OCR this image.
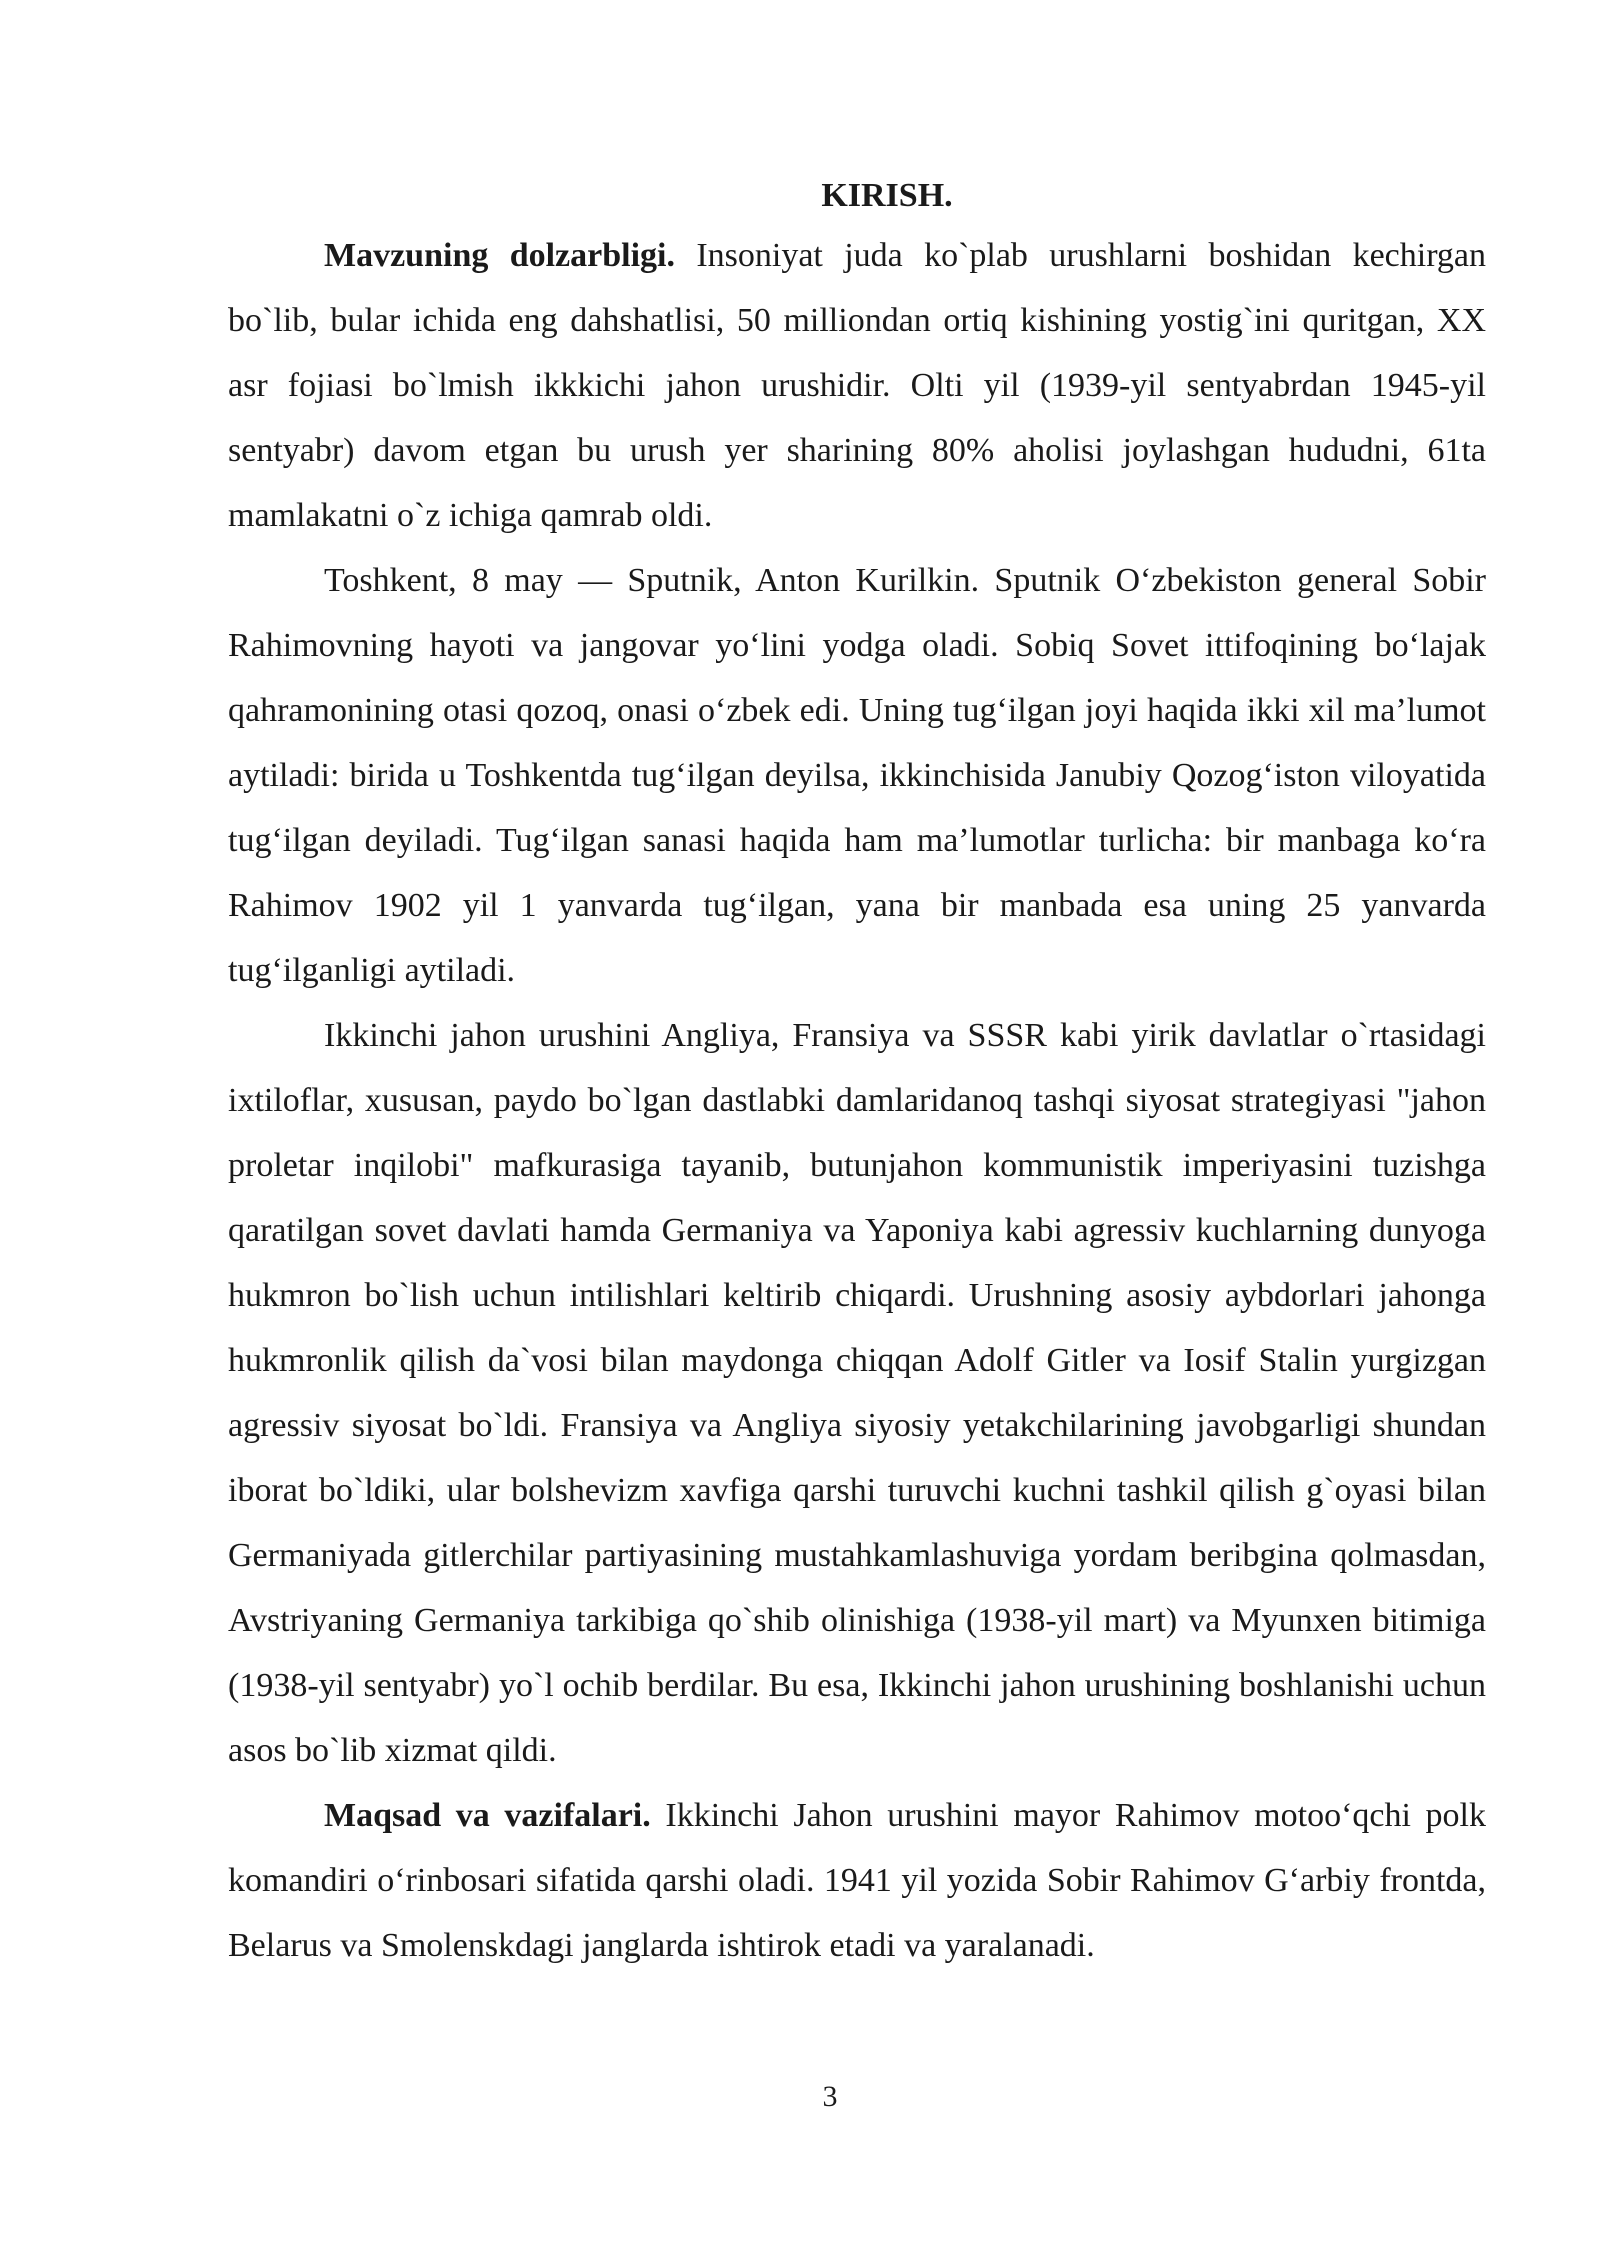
KIRISH.

Mavzuning dolzarbligi. Insoniyat juda ko`plab urushlarni boshidan kechirgan bo`lib, bular ichida eng dahshatlisi, 50 milliondan ortiq kishining yostig`ini quritgan, XX asr fojiasi bo`lmish ikkkichi jahon urushidir. Olti yil (1939-yil sentyabrdan 1945-yil sentyabr) davom etgan bu urush yer sharining 80% aholisi joylashgan hududni, 61ta mamlakatni o`z ichiga qamrab oldi.

Toshkent, 8 may — Sputnik, Anton Kurilkin. Sputnik O‘zbekiston general Sobir Rahimovning hayoti va jangovar yo‘lini yodga oladi. Sobiq Sovet ittifoqining bo‘lajak qahramonining otasi qozoq, onasi o‘zbek edi. Uning tug‘ilgan joyi haqida ikki xil ma’lumot aytiladi: birida u Toshkentda tug‘ilgan deyilsa, ikkinchisida Janubiy Qozog‘iston viloyatida tug‘ilgan deyiladi. Tug‘ilgan sanasi haqida ham ma’lumotlar turlicha: bir manbaga ko‘ra Rahimov 1902 yil 1 yanvarda tug‘ilgan, yana bir manbada esa uning 25 yanvarda tug‘ilganligi aytiladi.

Ikkinchi jahon urushini Angliya, Fransiya va SSSR kabi yirik davlatlar o`rtasidagi ixtiloflar, xususan, paydo bo`lgan dastlabki damlaridanoq tashqi siyosat strategiyasi "jahon proletar inqilobi" mafkurasiga tayanib, butunjahon kommunistik imperiyasini tuzishga qaratilgan sovet davlati hamda Germaniya va Yaponiya kabi agressiv kuchlarning dunyoga hukmron bo`lish uchun intilishlari keltirib chiqardi. Urushning asosiy aybdorlari jahonga hukmronlik qilish da`vosi bilan maydonga chiqqan Adolf Gitler va Iosif Stalin yurgizgan agressiv siyosat bo`ldi. Fransiya va Angliya siyosiy yetakchilarining javobgarligi shundan iborat bo`ldiki, ular bolshevizm xavfiga qarshi turuvchi kuchni tashkil qilish g`oyasi bilan Germaniyada gitlerchilar partiyasining mustahkamlashuviga yordam beribgina qolmasdan, Avstriyaning Germaniya tarkibiga qo`shib olinishiga (1938-yil mart) va Myunxen bitimiga (1938-yil sentyabr) yo`l ochib berdilar. Bu esa, Ikkinchi jahon urushining boshlanishi uchun asos bo`lib xizmat qildi.

Maqsad va vazifalari. Ikkinchi Jahon urushini mayor Rahimov motoo‘qchi polk komandiri o‘rinbosari sifatida qarshi oladi. 1941 yil yozida Sobir Rahimov G‘arbiy frontda, Belarus va Smolenskdagi janglarda ishtirok etadi va yaralanadi.

3
